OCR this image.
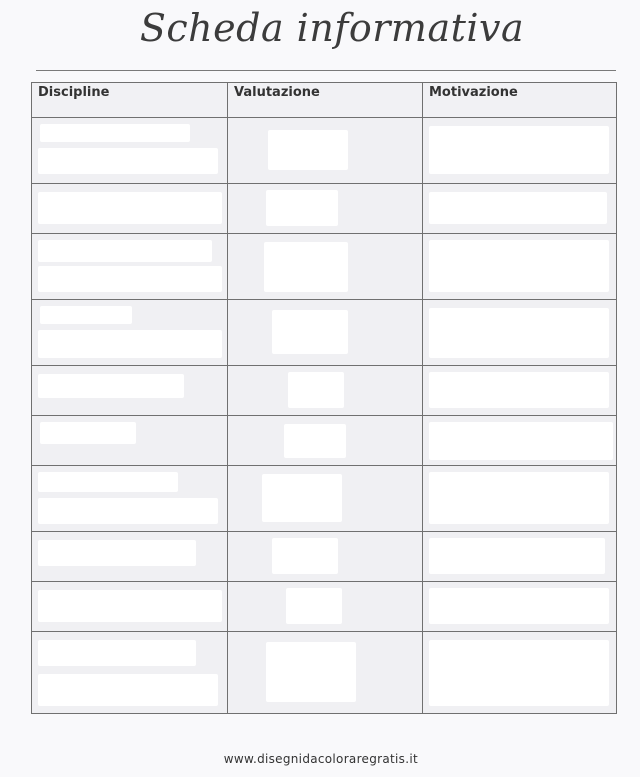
Scheda informativa
Discipline	Valutazione	Motivazione

www.disegnidacoloraregratis.it
